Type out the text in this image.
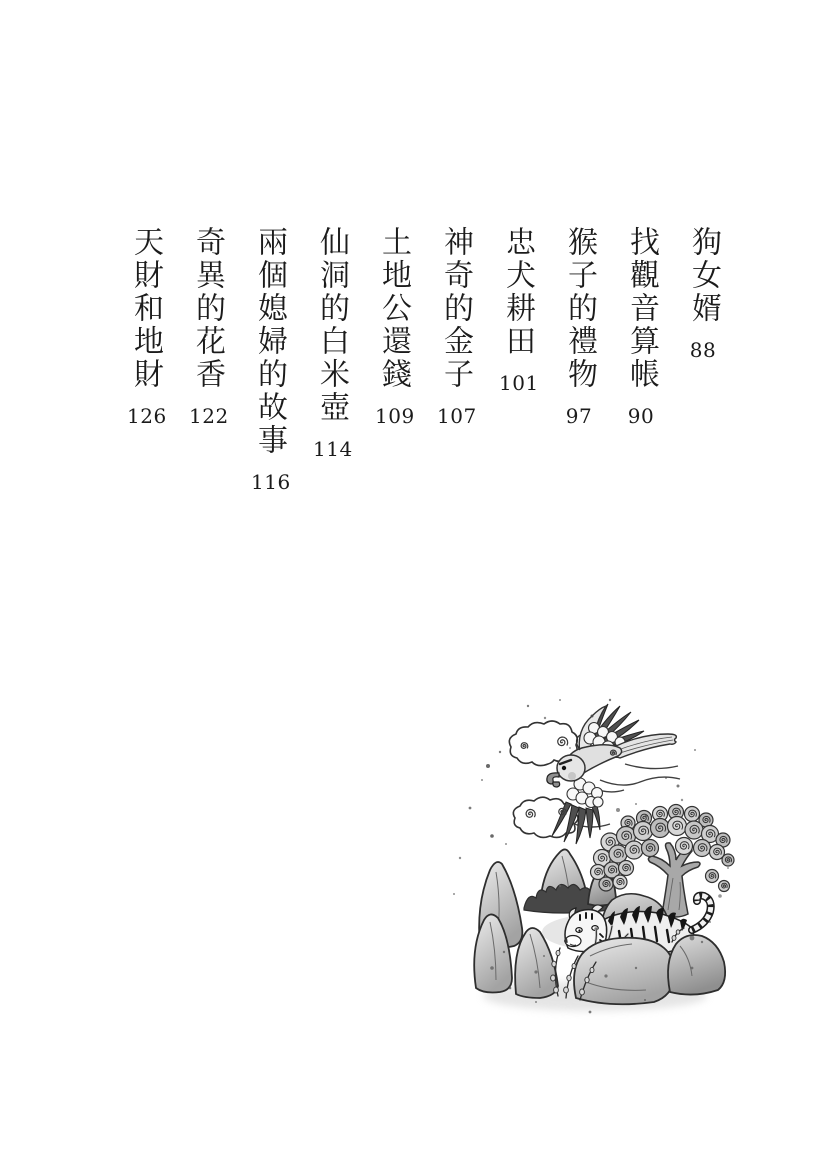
狗女婿
88
找觀音算帳
90
猴子的禮物
97
忠犬耕田
101
神奇的金子
107
土地公還錢
109
仙洞的白米壺
114
兩個媳婦的故事
116
奇異的花香
122
天財和地財
126
